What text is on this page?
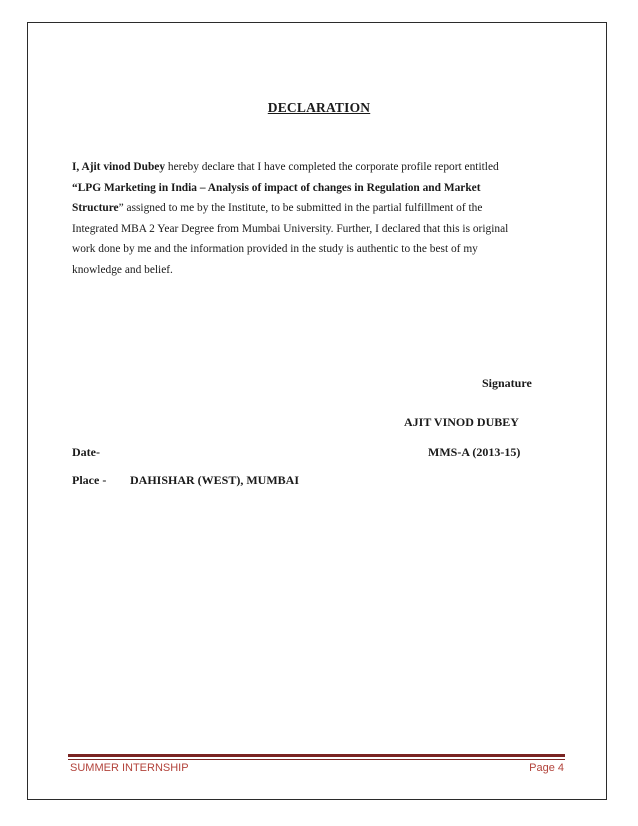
DECLARATION
I, Ajit vinod Dubey hereby declare that I have completed the corporate profile report entitled
“LPG Marketing in India – Analysis of impact of changes in Regulation and Market
Structure” assigned to me by the Institute, to be submitted in the partial fulfillment of the
Integrated MBA 2 Year Degree from Mumbai University. Further, I declared that this is original
work done by me and the information provided in the study is authentic to the best of my
knowledge and belief.
Signature
AJIT VINOD DUBEY
MMS-A (2013-15)
Date-
Place - DAHISHAR (WEST), MUMBAI
SUMMER INTERNSHIP	Page 4
